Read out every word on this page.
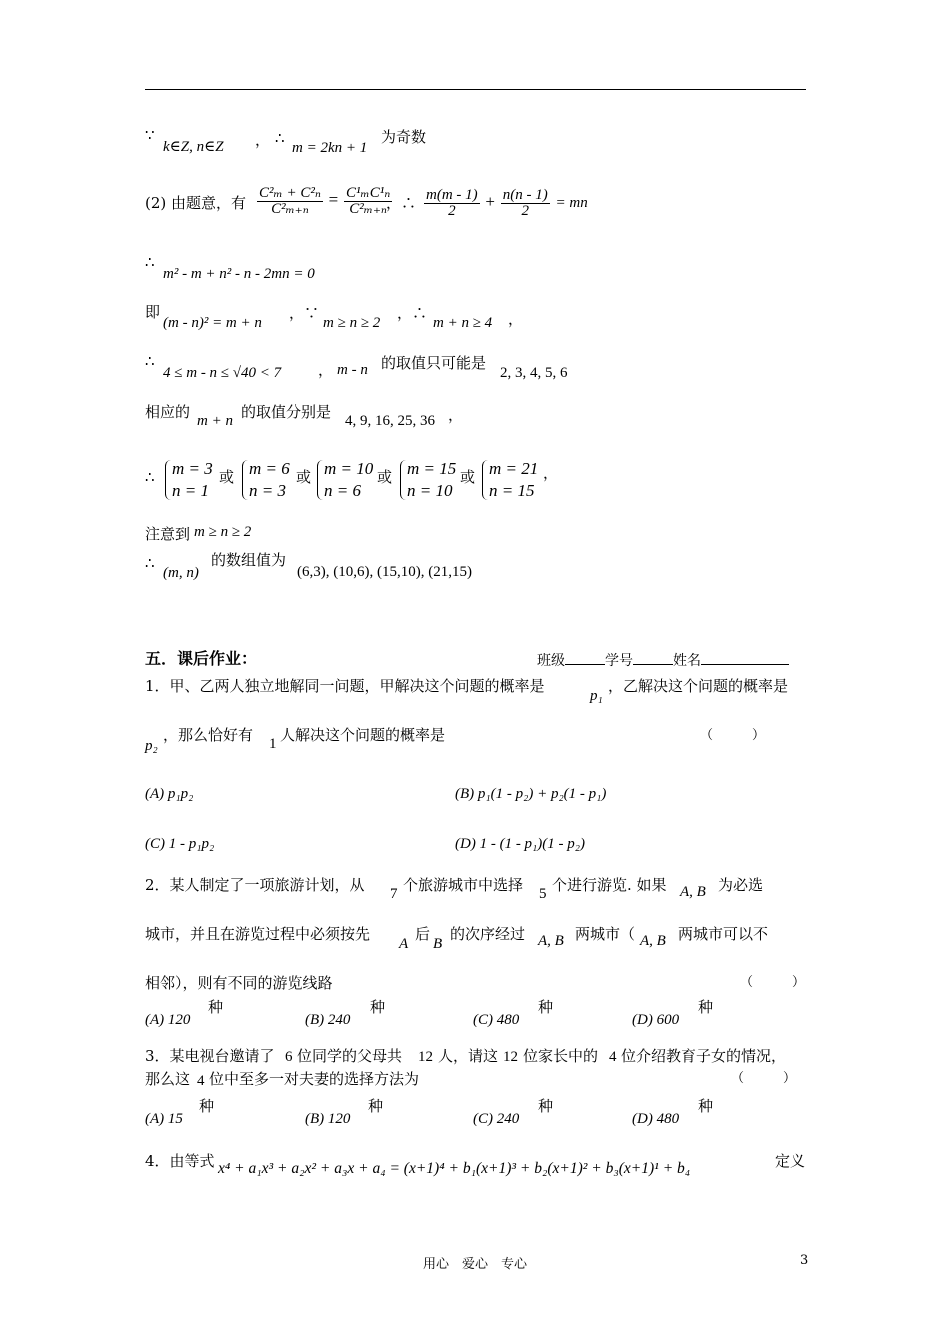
∵
k∈Z, n∈Z ， ∴
m = 2kn + 1
为奇数
(2) 由题意，有 $\frac{\text{C²ₘ + C²ₙ}}{\text{C²ₘ₊ₙ}} = \frac{\text{C¹ₘC¹ₙ}}{\text{C²ₘ₊ₙ}}$
，∴ $\frac{m(m - 1)}{2} + \frac{n(n - 1)}{2}$ = mn
∴
m² - m + n² - n - 2mn = 0
即
(m - n)² = m + n
，∵
m ≥ n ≥ 2
，∴
m + n ≥ 4 ，
∴
4 ≤ m - n ≤ √40 < 7 ， m - n 的取值只可能是
2, 3, 4, 5, 6
相应的 m + n 的取值分别是 4, 9, 16, 25, 36 ，
∴ m = 3
n = 1
或 m = 6
n = 3
或 m = 10
n = 6
或 m = 15
n = 10
或 m = 21
n = 15
，
注意到 m ≥ n ≥ 2
∴
(m, n)
的数组值为
(6,3), (10,6), (15,10), (21,15)
五．课后作业：	班级	学号	姓名
1．甲、乙两人独立地解同一问题，甲解决这个问题的概率是
p₁
，乙解决这个问题的概率是
p₂
，那么恰好有 1 人解决这个问题的概率是	（　　　）
(A) p₁p₂	(B) p₁(1 - p₂) + p₂(1 - p₁)
(C) 1 - p₁p₂	(D) 1 - (1 - p₁)(1 - p₂)
2．某人制定了一项旅游计划，从 7 个旅游城市中选择 5 个进行游览. 如果 A, B 为必选
城市，并且在游览过程中必须按先
A
后
B
的次序经过 A, B 两城市（ A, B 两城市可以不
相邻），则有不同的游览线路	（　　　）
(A) 120
种
(B) 240
种
(C) 480
种
(D) 600
种
3．某电视台邀请了 6 位同学的父母共 12 人，请这 12 位家长中的 4 位介绍教育子女的情况，
那么这 4 位中至多一对夫妻的选择方法为	（　　　）
(A) 15
种
(B) 120
种
(C) 240
种
(D) 480
种
4．由等式 x⁴ + a₁x³ + a₂x² + a₃x + a₄ = (x+1)⁴ + b₁(x+1)³ + b₂(x+1)² + b₃(x+1)¹ + b₄	定义
用心　爱心　专心	3
